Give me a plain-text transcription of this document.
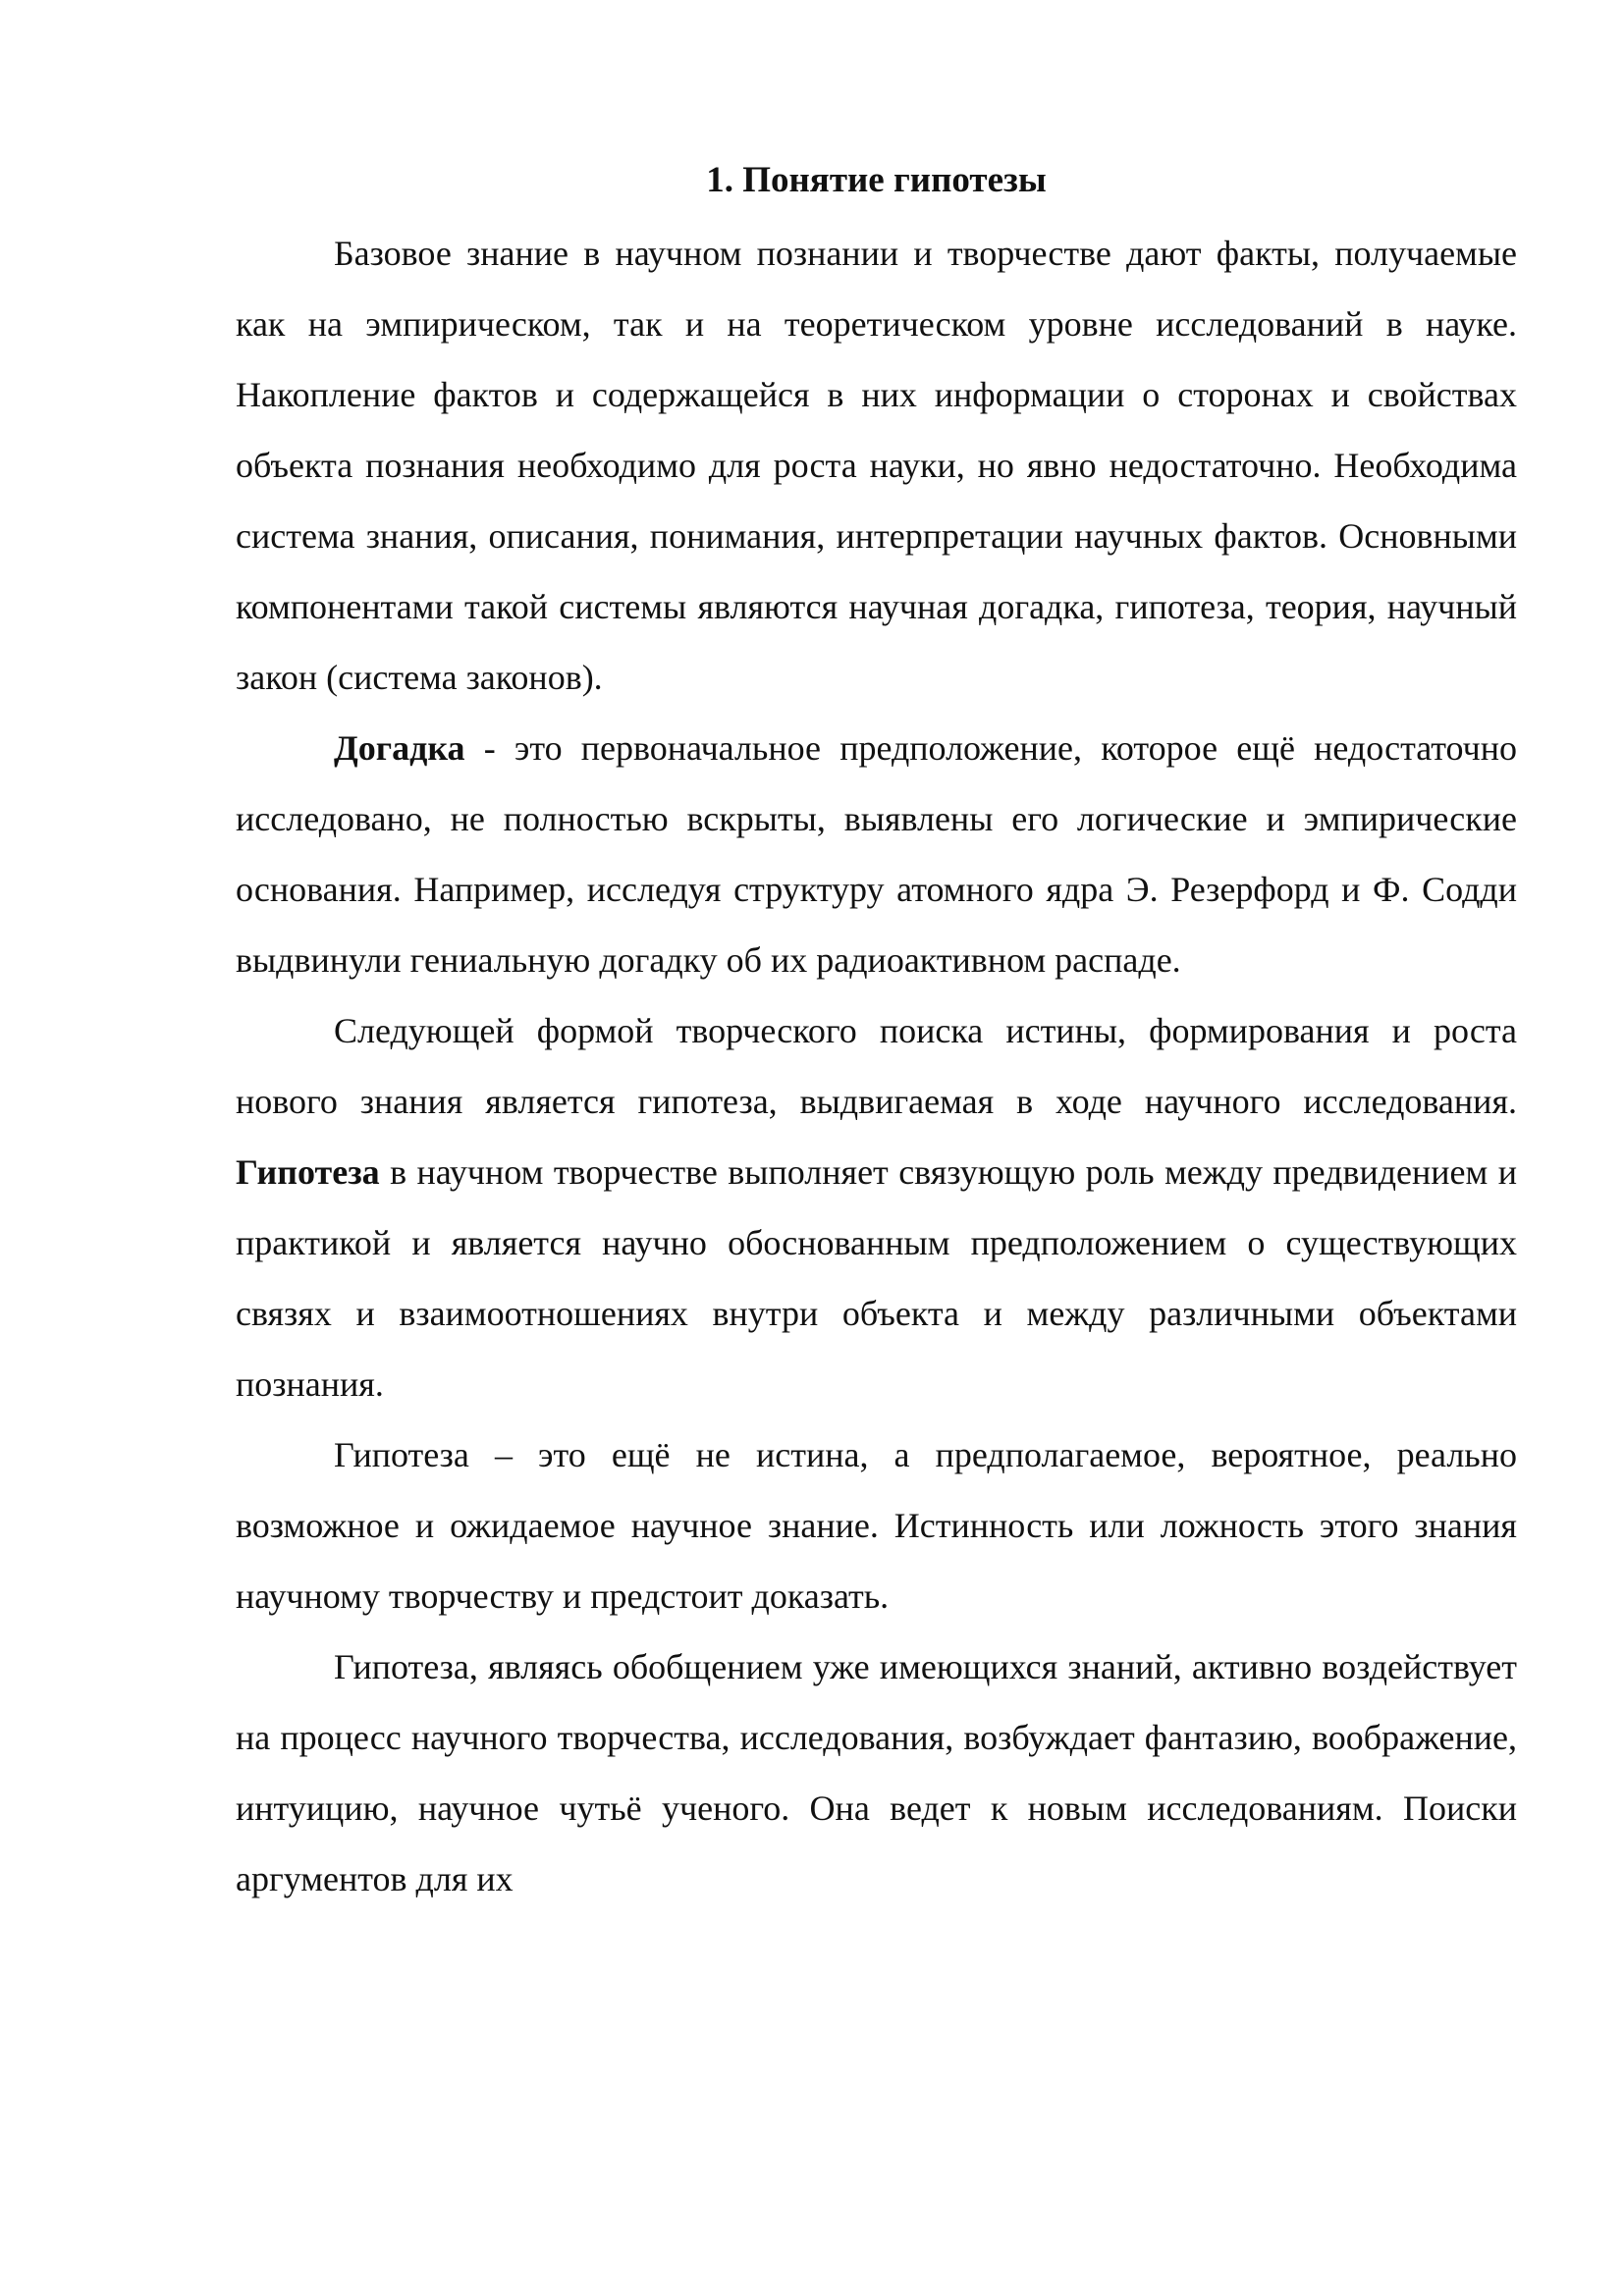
1. Понятие гипотезы

Базовое знание в научном познании и творчестве дают факты, получаемые как на эмпирическом, так и на теоретическом уровне исследований в науке. Накопление фактов и содержащейся в них информации о сторонах и свойствах объекта познания необходимо для роста науки, но явно недостаточно. Необходима система знания, описания, понимания, интерпретации научных фактов. Основными компонентами такой системы являются научная догадка, гипотеза, теория, научный закон (система законов).

Догадка - это первоначальное предположение, которое ещё недостаточно исследовано, не полностью вскрыты, выявлены его логические и эмпирические основания. Например, исследуя структуру атомного ядра Э. Резерфорд и Ф. Содди выдвинули гениальную догадку об их радиоактивном распаде.

Следующей формой творческого поиска истины, формирования и роста нового знания является гипотеза, выдвигаемая в ходе научного исследования. Гипотеза в научном творчестве выполняет связующую роль между предвидением и практикой и является научно обоснованным предположением о существующих связях и взаимоотношениях внутри объекта и между различными объектами познания.

Гипотеза – это ещё не истина, а предполагаемое, вероятное, реально возможное и ожидаемое научное знание. Истинность или ложность этого знания научному творчеству и предстоит доказать.

Гипотеза, являясь обобщением уже имеющихся знаний, активно воздействует на процесс научного творчества, исследования, возбуждает фантазию, воображение, интуицию, научное чутьё ученого. Она ведет к новым исследованиям. Поиски аргументов для их
